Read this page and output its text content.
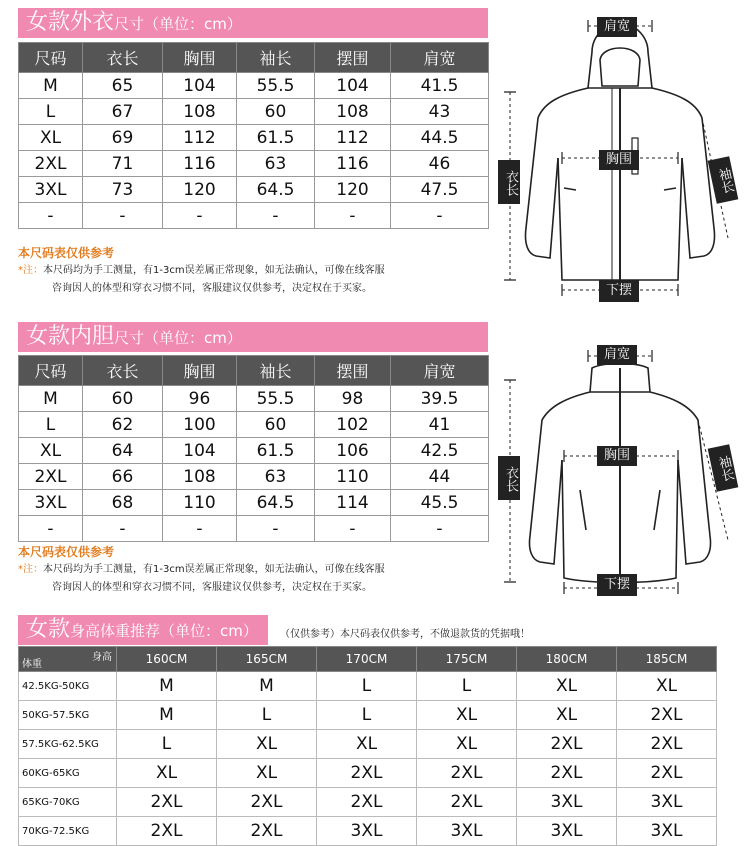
女款外衣尺寸（单位：cm）
尺码	衣长	胸围	袖长	摆围	肩宽
M	65	104	55.5	104	41.5
L	67	108	60	108	43
XL	69	112	61.5	112	44.5
2XL	71	116	63	116	46
3XL	73	120	64.5	120	47.5
-	-	-	-	-	-
本尺码表仅供参考
*注：本尺码均为手工测量，有1-3cm误差属正常现象，如无法确认，可像在线客服
咨询因人的体型和穿衣习惯不同，客服建议仅供参考，决定权在于买家。
肩宽
胸围
衣长	袖长
下摆
女款内胆尺寸（单位：cm）
尺码	衣长	胸围	袖长	摆围	肩宽
M	60	96	55.5	98	39.5
L	62	100	60	102	41
XL	64	104	61.5	106	42.5
2XL	66	108	63	110	44
3XL	68	110	64.5	114	45.5
-	-	-	-	-	-
本尺码表仅供参考
*注：本尺码均为手工测量，有1-3cm误差属正常现象，如无法确认，可像在线客服
咨询因人的体型和穿衣习惯不同，客服建议仅供参考，决定权在于买家。
肩宽
胸围
衣长	袖长
下摆
女款身高体重推荐（单位：cm）	（仅供参考）本尺码表仅供参考，不做退款货的凭据哦！
身高
体重	160CM	165CM	170CM	175CM	180CM	185CM
42.5KG-50KG	M	M	L	L	XL	XL
50KG-57.5KG	M	L	L	XL	XL	2XL
57.5KG-62.5KG	L	XL	XL	XL	2XL	2XL
60KG-65KG	XL	XL	2XL	2XL	2XL	2XL
65KG-70KG	2XL	2XL	2XL	2XL	3XL	3XL
70KG-72.5KG	2XL	2XL	3XL	3XL	3XL	3XL
